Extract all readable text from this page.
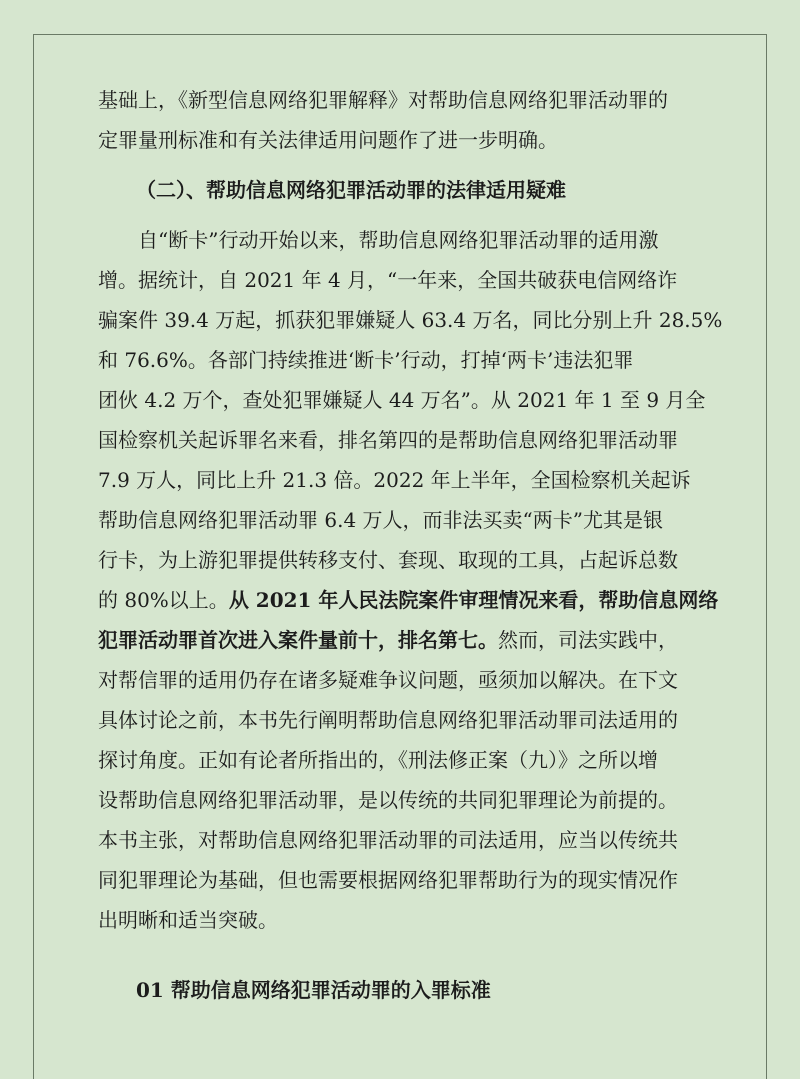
基础上，《新型信息网络犯罪解释》对帮助信息网络犯罪活动罪的
定罪量刑标准和有关法律适用问题作了进一步明确。
（二）、帮助信息网络犯罪活动罪的法律适用疑难
自“断卡”行动开始以来，帮助信息网络犯罪活动罪的适用激
增。据统计，自 2021 年 4 月，“一年来，全国共破获电信网络诈
骗案件 39.4 万起，抓获犯罪嫌疑人 63.4 万名，同比分别上升 28.5%
和 76.6%。各部门持续推进‘断卡’行动，打掉‘两卡’违法犯罪
团伙 4.2 万个，查处犯罪嫌疑人 44 万名”。从 2021 年 1 至 9 月全
国检察机关起诉罪名来看，排名第四的是帮助信息网络犯罪活动罪
7.9 万人，同比上升 21.3 倍。2022 年上半年，全国检察机关起诉
帮助信息网络犯罪活动罪 6.4 万人，而非法买卖“两卡”尤其是银
行卡，为上游犯罪提供转移支付、套现、取现的工具，占起诉总数
的 80%以上。从 2021 年人民法院案件审理情况来看，帮助信息网络
犯罪活动罪首次进入案件量前十，排名第七。然而，司法实践中，
对帮信罪的适用仍存在诸多疑难争议问题，亟须加以解决。在下文
具体讨论之前，本书先行阐明帮助信息网络犯罪活动罪司法适用的
探讨角度。正如有论者所指出的，《刑法修正案（九）》之所以增
设帮助信息网络犯罪活动罪，是以传统的共同犯罪理论为前提的。
本书主张，对帮助信息网络犯罪活动罪的司法适用，应当以传统共
同犯罪理论为基础，但也需要根据网络犯罪帮助行为的现实情况作
出明晰和适当突破。
01 帮助信息网络犯罪活动罪的入罪标准
